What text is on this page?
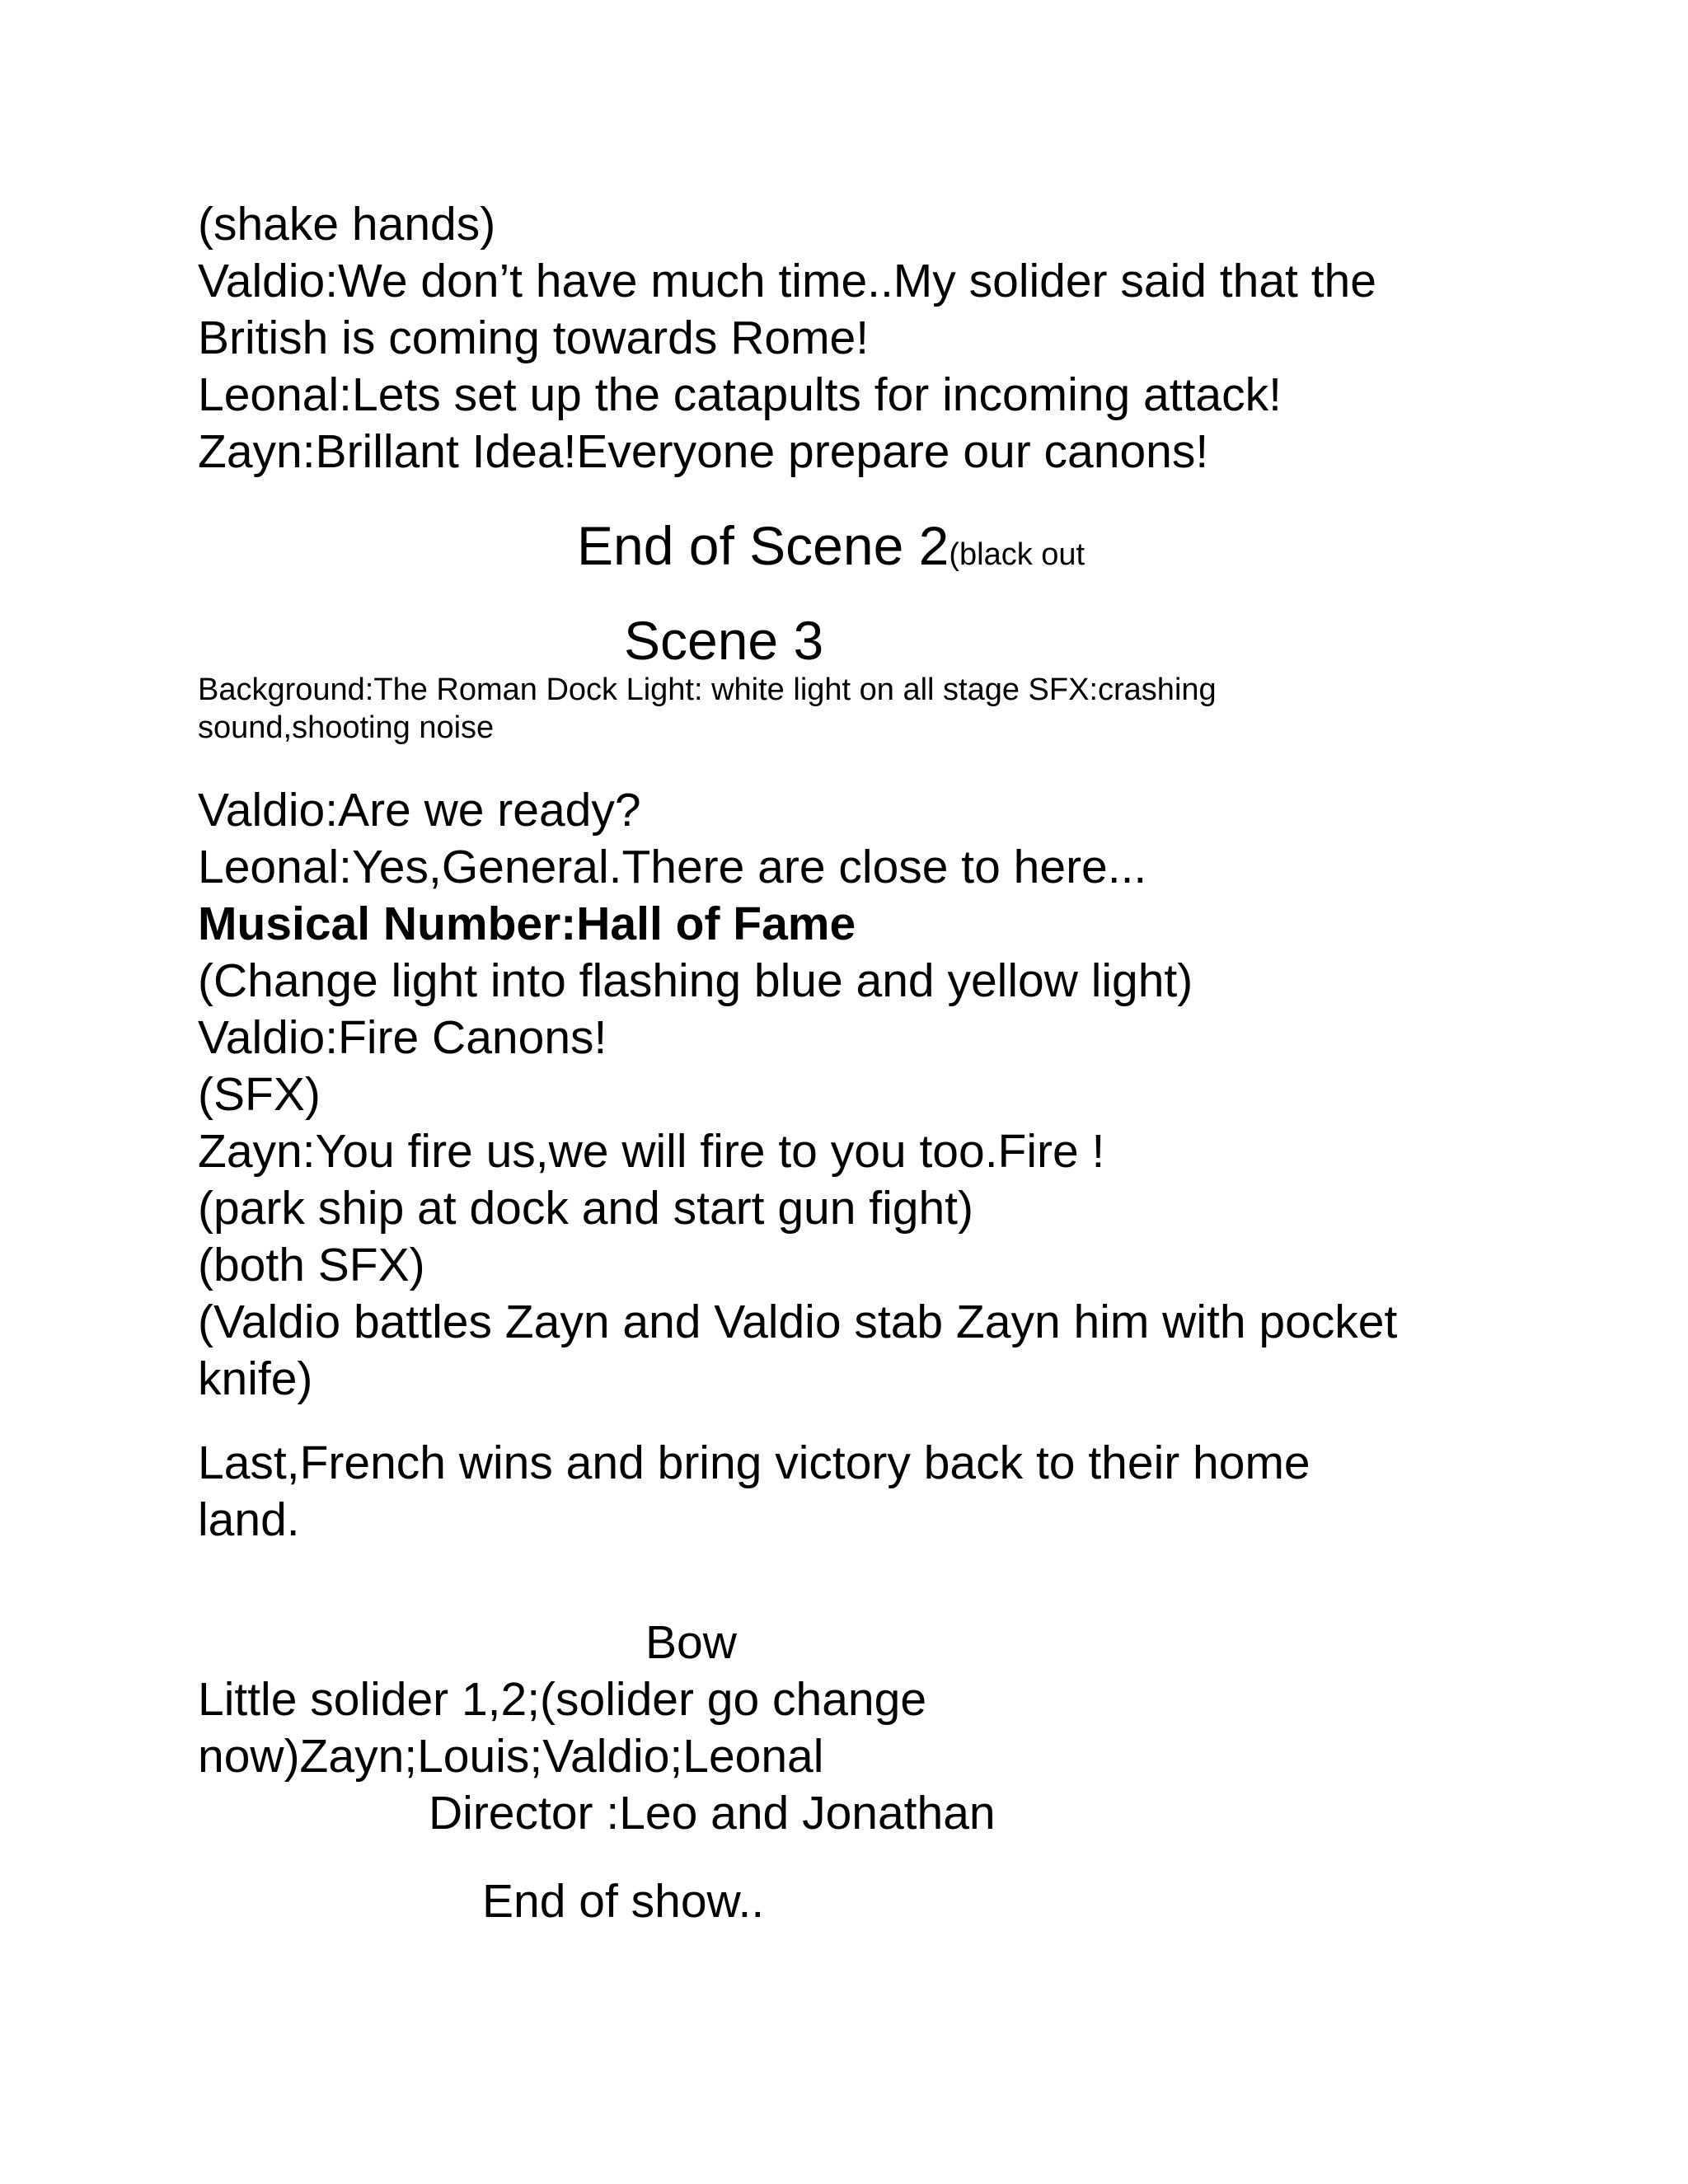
(shake hands)

Valdio:We don’t have much time..My solider said that the

British is coming towards Rome!

Leonal:Lets set up the catapults for incoming attack!

Zayn:Brillant Idea!Everyone prepare our canons!

End of Scene 2(black out

Scene 3

Background:The Roman Dock Light: white light on all stage SFX:crashing

sound,shooting noise

Valdio:Are we ready?

Leonal:Yes,General.There are close to here...

Musical Number:Hall of Fame

(Change light into flashing blue and yellow light)

Valdio:Fire Canons!

(SFX)

Zayn:You fire us,we will fire to you too.Fire !

(park ship at dock and start gun fight)

(both SFX)

(Valdio battles Zayn and Valdio stab Zayn him with pocket

knife)

Last,French wins and bring victory back to their home

land.

Bow

Little solider 1,2;(solider go change

now)Zayn;Louis;Valdio;Leonal

Director :Leo and Jonathan

End of show..
